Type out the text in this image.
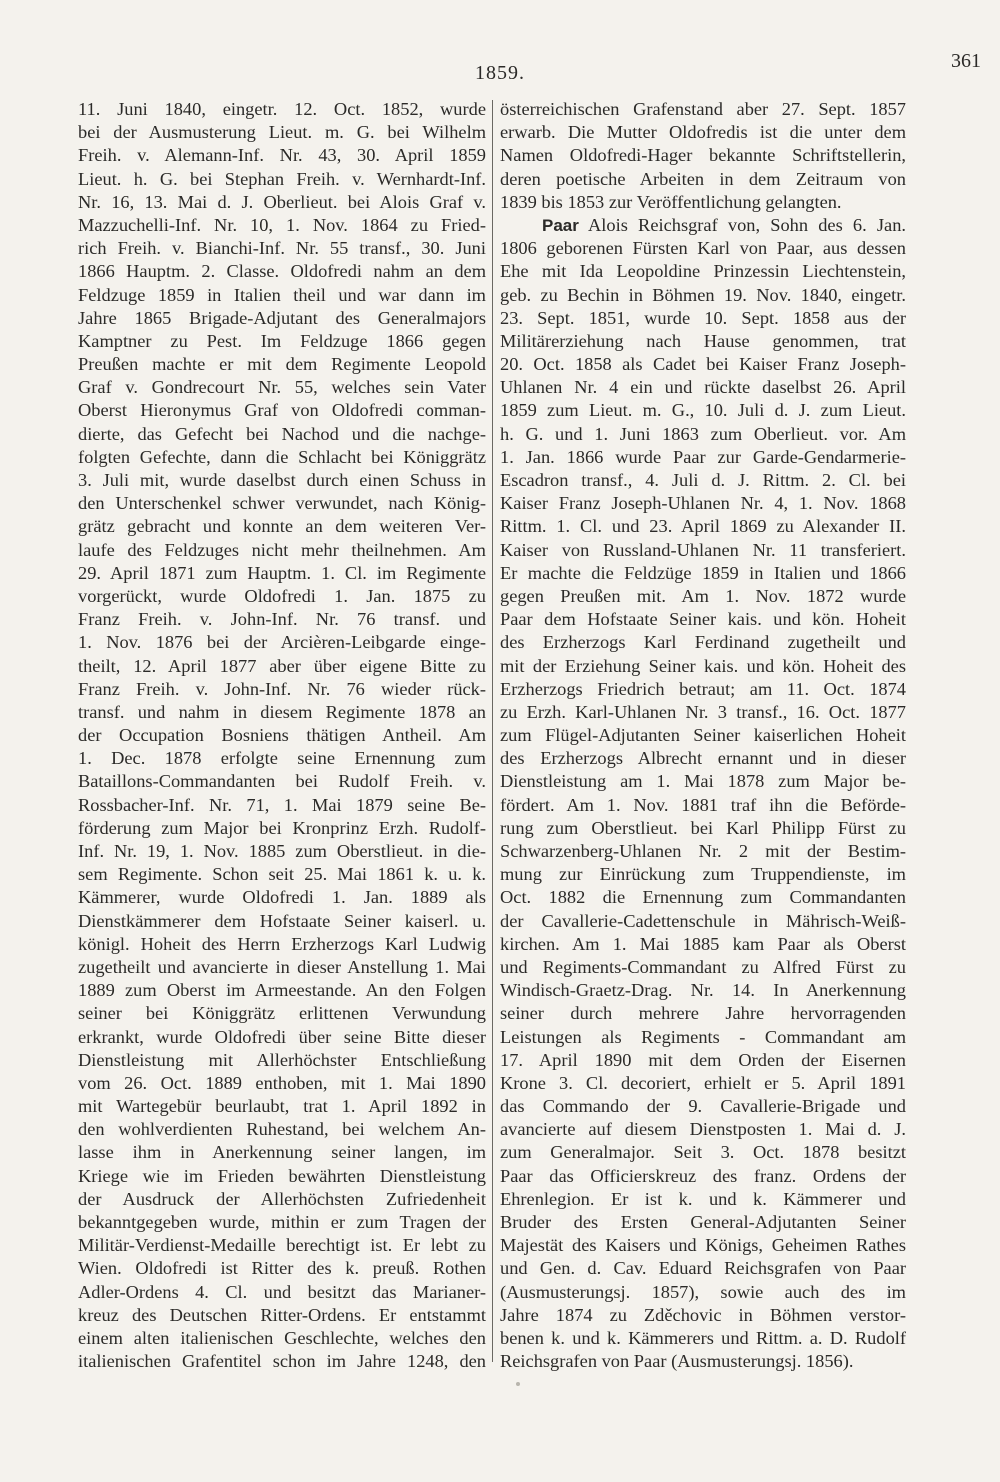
1859.
361
11. Juni 1840, eingetr. 12. Oct. 1852, wurde
bei der Ausmusterung Lieut. m. G. bei Wilhelm
Freih. v. Alemann-Inf. Nr. 43, 30. April 1859
Lieut. h. G. bei Stephan Freih. v. Wernhardt-Inf.
Nr. 16, 13. Mai d. J. Oberlieut. bei Alois Graf v.
Mazzuchelli-Inf. Nr. 10, 1. Nov. 1864 zu Fried-
rich Freih. v. Bianchi-Inf. Nr. 55 transf., 30. Juni
1866 Hauptm. 2. Classe. Oldofredi nahm an dem
Feldzuge 1859 in Italien theil und war dann im
Jahre 1865 Brigade-Adjutant des Generalmajors
Kamptner zu Pest. Im Feldzuge 1866 gegen
Preußen machte er mit dem Regimente Leopold
Graf v. Gondrecourt Nr. 55, welches sein Vater
Oberst Hieronymus Graf von Oldofredi comman-
dierte, das Gefecht bei Nachod und die nachge-
folgten Gefechte, dann die Schlacht bei Königgrätz
3. Juli mit, wurde daselbst durch einen Schuss in
den Unterschenkel schwer verwundet, nach König-
grätz gebracht und konnte an dem weiteren Ver-
laufe des Feldzuges nicht mehr theilnehmen. Am
29. April 1871 zum Hauptm. 1. Cl. im Regimente
vorgerückt, wurde Oldofredi 1. Jan. 1875 zu
Franz Freih. v. John-Inf. Nr. 76 transf. und
1. Nov. 1876 bei der Arcièren-Leibgarde einge-
theilt, 12. April 1877 aber über eigene Bitte zu
Franz Freih. v. John-Inf. Nr. 76 wieder rück-
transf. und nahm in diesem Regimente 1878 an
der Occupation Bosniens thätigen Antheil. Am
1. Dec. 1878 erfolgte seine Ernennung zum
Bataillons-Commandanten bei Rudolf Freih. v.
Rossbacher-Inf. Nr. 71, 1. Mai 1879 seine Be-
förderung zum Major bei Kronprinz Erzh. Rudolf-
Inf. Nr. 19, 1. Nov. 1885 zum Oberstlieut. in die-
sem Regimente. Schon seit 25. Mai 1861 k. u. k.
Kämmerer, wurde Oldofredi 1. Jan. 1889 als
Dienstkämmerer dem Hofstaate Seiner kaiserl. u.
königl. Hoheit des Herrn Erzherzogs Karl Ludwig
zugetheilt und avancierte in dieser Anstellung 1. Mai
1889 zum Oberst im Armeestande. An den Folgen
seiner bei Königgrätz erlittenen Verwundung
erkrankt, wurde Oldofredi über seine Bitte dieser
Dienstleistung mit Allerhöchster Entschließung
vom 26. Oct. 1889 enthoben, mit 1. Mai 1890
mit Wartegebür beurlaubt, trat 1. April 1892 in
den wohlverdienten Ruhestand, bei welchem An-
lasse ihm in Anerkennung seiner langen, im
Kriege wie im Frieden bewährten Dienstleistung
der Ausdruck der Allerhöchsten Zufriedenheit
bekanntgegeben wurde, mithin er zum Tragen der
Militär-Verdienst-Medaille berechtigt ist. Er lebt zu
Wien. Oldofredi ist Ritter des k. preuß. Rothen
Adler-Ordens 4. Cl. und besitzt das Marianer-
kreuz des Deutschen Ritter-Ordens. Er entstammt
einem alten italienischen Geschlechte, welches den
italienischen Grafentitel schon im Jahre 1248, den
österreichischen Grafenstand aber 27. Sept. 1857
erwarb. Die Mutter Oldofredis ist die unter dem
Namen Oldofredi-Hager bekannte Schriftstellerin,
deren poetische Arbeiten in dem Zeitraum von
1839 bis 1853 zur Veröffentlichung gelangten.
Paar Alois Reichsgraf von, Sohn des 6. Jan.
1806 geborenen Fürsten Karl von Paar, aus dessen
Ehe mit Ida Leopoldine Prinzessin Liechtenstein,
geb. zu Bechin in Böhmen 19. Nov. 1840, eingetr.
23. Sept. 1851, wurde 10. Sept. 1858 aus der
Militärerziehung nach Hause genommen, trat
20. Oct. 1858 als Cadet bei Kaiser Franz Joseph-
Uhlanen Nr. 4 ein und rückte daselbst 26. April
1859 zum Lieut. m. G., 10. Juli d. J. zum Lieut.
h. G. und 1. Juni 1863 zum Oberlieut. vor. Am
1. Jan. 1866 wurde Paar zur Garde-Gendarmerie-
Escadron transf., 4. Juli d. J. Rittm. 2. Cl. bei
Kaiser Franz Joseph-Uhlanen Nr. 4, 1. Nov. 1868
Rittm. 1. Cl. und 23. April 1869 zu Alexander II.
Kaiser von Russland-Uhlanen Nr. 11 transferiert.
Er machte die Feldzüge 1859 in Italien und 1866
gegen Preußen mit. Am 1. Nov. 1872 wurde
Paar dem Hofstaate Seiner kais. und kön. Hoheit
des Erzherzogs Karl Ferdinand zugetheilt und
mit der Erziehung Seiner kais. und kön. Hoheit des
Erzherzogs Friedrich betraut; am 11. Oct. 1874
zu Erzh. Karl-Uhlanen Nr. 3 transf., 16. Oct. 1877
zum Flügel-Adjutanten Seiner kaiserlichen Hoheit
des Erzherzogs Albrecht ernannt und in dieser
Dienstleistung am 1. Mai 1878 zum Major be-
fördert. Am 1. Nov. 1881 traf ihn die Beförde-
rung zum Oberstlieut. bei Karl Philipp Fürst zu
Schwarzenberg-Uhlanen Nr. 2 mit der Bestim-
mung zur Einrückung zum Truppendienste, im
Oct. 1882 die Ernennung zum Commandanten
der Cavallerie-Cadettenschule in Mährisch-Weiß-
kirchen. Am 1. Mai 1885 kam Paar als Oberst
und Regiments-Commandant zu Alfred Fürst zu
Windisch-Graetz-Drag. Nr. 14. In Anerkennung
seiner durch mehrere Jahre hervorragenden
Leistungen als Regiments - Commandant am
17. April 1890 mit dem Orden der Eisernen
Krone 3. Cl. decoriert, erhielt er 5. April 1891
das Commando der 9. Cavallerie-Brigade und
avancierte auf diesem Dienstposten 1. Mai d. J.
zum Generalmajor. Seit 3. Oct. 1878 besitzt
Paar das Officierskreuz des franz. Ordens der
Ehrenlegion. Er ist k. und k. Kämmerer und
Bruder des Ersten General-Adjutanten Seiner
Majestät des Kaisers und Königs, Geheimen Rathes
und Gen. d. Cav. Eduard Reichsgrafen von Paar
(Ausmusterungsj. 1857), sowie auch des im
Jahre 1874 zu Zděchovic in Böhmen verstor-
benen k. und k. Kämmerers und Rittm. a. D. Rudolf
Reichsgrafen von Paar (Ausmusterungsj. 1856).
